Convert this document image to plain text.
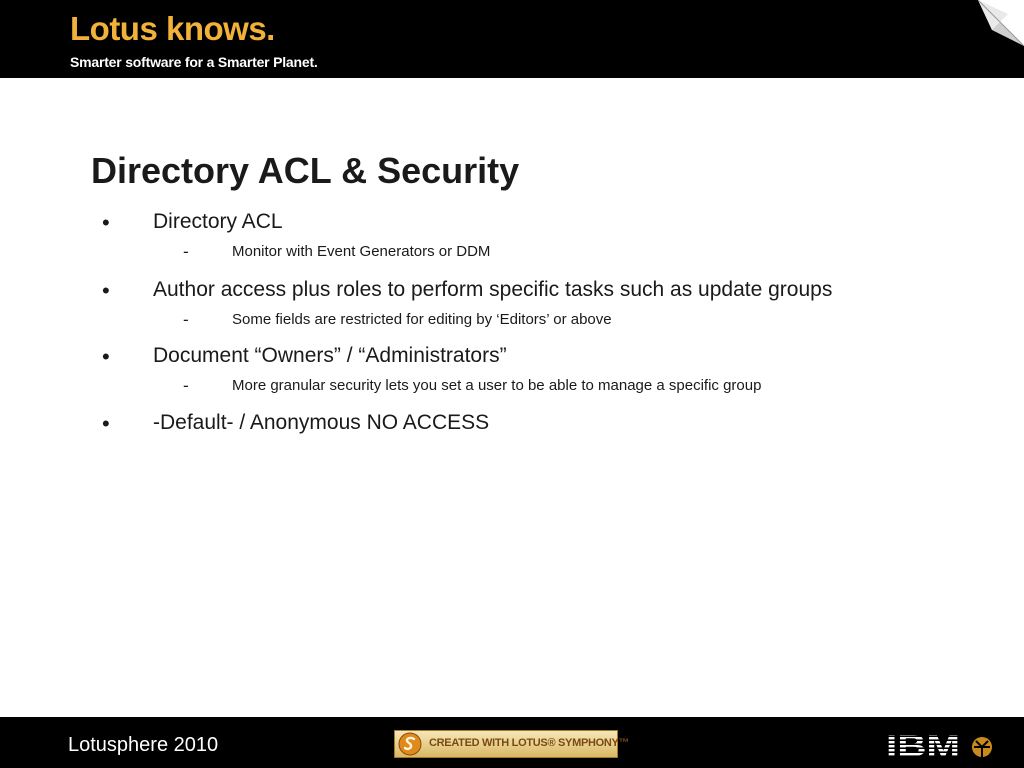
Lotus knows.
Smarter software for a Smarter Planet.
Directory ACL & Security
• Directory ACL
-	Monitor with Event Generators or DDM
• Author access plus roles to perform specific tasks such as update groups
-	Some fields are restricted for editing by ‘Editors’ or above
• Document “Owners” / “Administrators”
-	More granular security lets you set a user to be able to manage a specific group
• -Default- / Anonymous NO ACCESS
Lotusphere 2010	CREATED WITH LOTUS® SYMPHONY™	IBM
